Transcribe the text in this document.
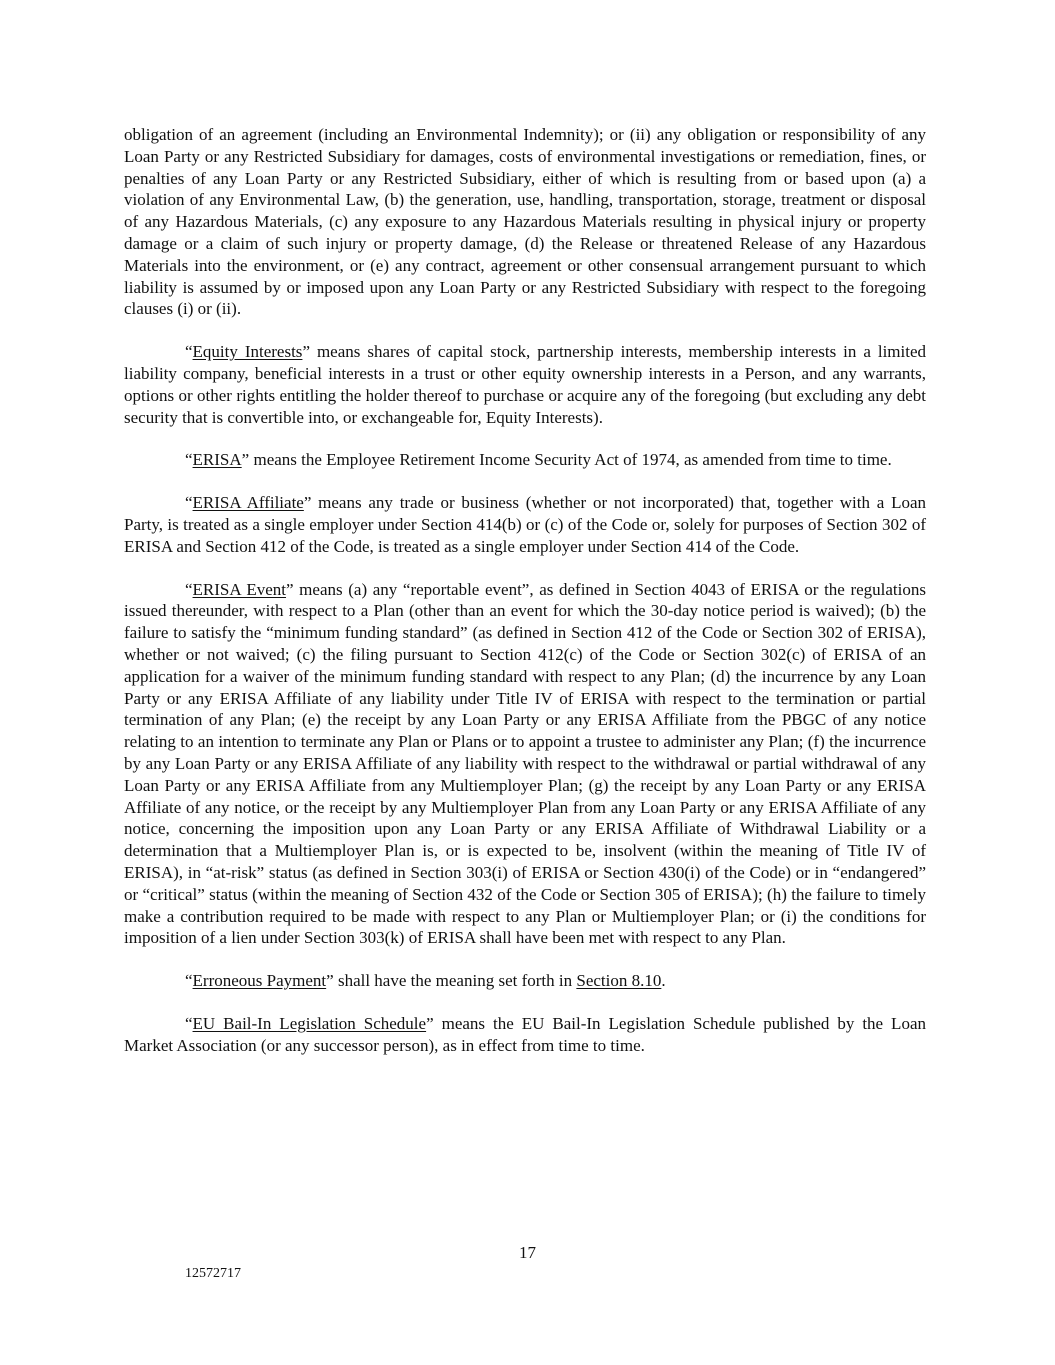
obligation of an agreement (including an Environmental Indemnity); or (ii) any obligation or responsibility of any Loan Party or any Restricted Subsidiary for damages, costs of environmental investigations or remediation, fines, or penalties of any Loan Party or any Restricted Subsidiary, either of which is resulting from or based upon (a) a violation of any Environmental Law, (b) the generation, use, handling, transportation, storage, treatment or disposal of any Hazardous Materials, (c) any exposure to any Hazardous Materials resulting in physical injury or property damage or a claim of such injury or property damage, (d) the Release or threatened Release of any Hazardous Materials into the environment, or (e) any contract, agreement or other consensual arrangement pursuant to which liability is assumed by or imposed upon any Loan Party or any Restricted Subsidiary with respect to the foregoing clauses (i) or (ii).

“Equity Interests” means shares of capital stock, partnership interests, membership interests in a limited liability company, beneficial interests in a trust or other equity ownership interests in a Person, and any warrants, options or other rights entitling the holder thereof to purchase or acquire any of the foregoing (but excluding any debt security that is convertible into, or exchangeable for, Equity Interests).

“ERISA” means the Employee Retirement Income Security Act of 1974, as amended from time to time.

“ERISA Affiliate” means any trade or business (whether or not incorporated) that, together with a Loan Party, is treated as a single employer under Section 414(b) or (c) of the Code or, solely for purposes of Section 302 of ERISA and Section 412 of the Code, is treated as a single employer under Section 414 of the Code.

“ERISA Event” means (a) any “reportable event”, as defined in Section 4043 of ERISA or the regulations issued thereunder, with respect to a Plan (other than an event for which the 30-day notice period is waived); (b) the failure to satisfy the “minimum funding standard” (as defined in Section 412 of the Code or Section 302 of ERISA), whether or not waived; (c) the filing pursuant to Section 412(c) of the Code or Section 302(c) of ERISA of an application for a waiver of the minimum funding standard with respect to any Plan; (d) the incurrence by any Loan Party or any ERISA Affiliate of any liability under Title IV of ERISA with respect to the termination or partial termination of any Plan; (e) the receipt by any Loan Party or any ERISA Affiliate from the PBGC of any notice relating to an intention to terminate any Plan or Plans or to appoint a trustee to administer any Plan; (f) the incurrence by any Loan Party or any ERISA Affiliate of any liability with respect to the withdrawal or partial withdrawal of any Loan Party or any ERISA Affiliate from any Multiemployer Plan; (g) the receipt by any Loan Party or any ERISA Affiliate of any notice, or the receipt by any Multiemployer Plan from any Loan Party or any ERISA Affiliate of any notice, concerning the imposition upon any Loan Party or any ERISA Affiliate of Withdrawal Liability or a determination that a Multiemployer Plan is, or is expected to be, insolvent (within the meaning of Title IV of ERISA), in “at-risk” status (as defined in Section 303(i) of ERISA or Section 430(i) of the Code) or in “endangered” or “critical” status (within the meaning of Section 432 of the Code or Section 305 of ERISA); (h) the failure to timely make a contribution required to be made with respect to any Plan or Multiemployer Plan; or (i) the conditions for imposition of a lien under Section 303(k) of ERISA shall have been met with respect to any Plan.

“Erroneous Payment” shall have the meaning set forth in Section 8.10.

“EU Bail-In Legislation Schedule” means the EU Bail-In Legislation Schedule published by the Loan Market Association (or any successor person), as in effect from time to time.

17
12572717
